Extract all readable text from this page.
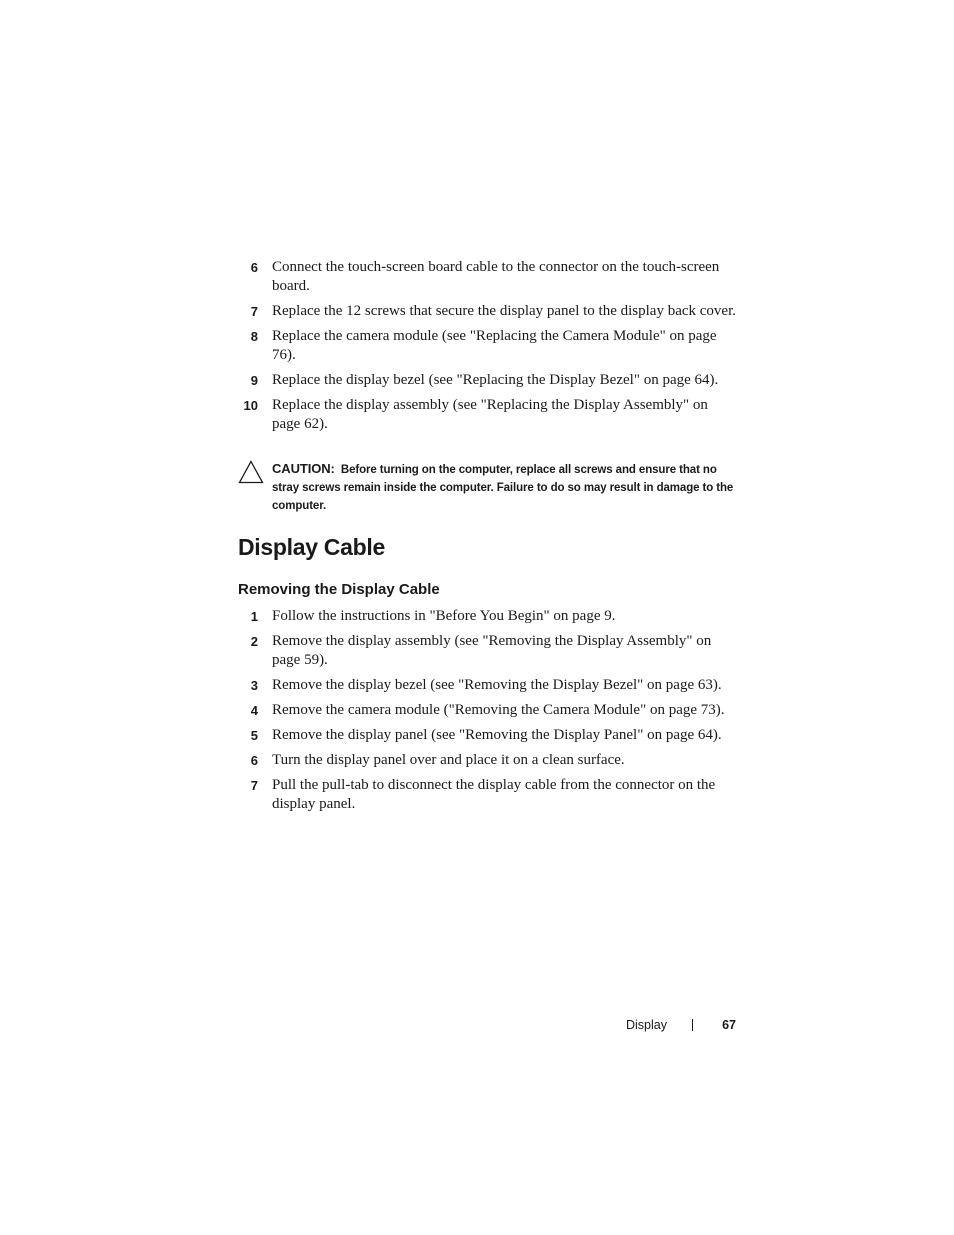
6 Connect the touch-screen board cable to the connector on the touch-screen board.
7 Replace the 12 screws that secure the display panel to the display back cover.
8 Replace the camera module (see "Replacing the Camera Module" on page 76).
9 Replace the display bezel (see "Replacing the Display Bezel" on page 64).
10 Replace the display assembly (see "Replacing the Display Assembly" on page 62).
CAUTION: Before turning on the computer, replace all screws and ensure that no stray screws remain inside the computer. Failure to do so may result in damage to the computer.
Display Cable
Removing the Display Cable
1 Follow the instructions in "Before You Begin" on page 9.
2 Remove the display assembly (see "Removing the Display Assembly" on page 59).
3 Remove the display bezel (see "Removing the Display Bezel" on page 63).
4 Remove the camera module ("Removing the Camera Module" on page 73).
5 Remove the display panel (see "Removing the Display Panel" on page 64).
6 Turn the display panel over and place it on a clean surface.
7 Pull the pull-tab to disconnect the display cable from the connector on the display panel.
Display	67
